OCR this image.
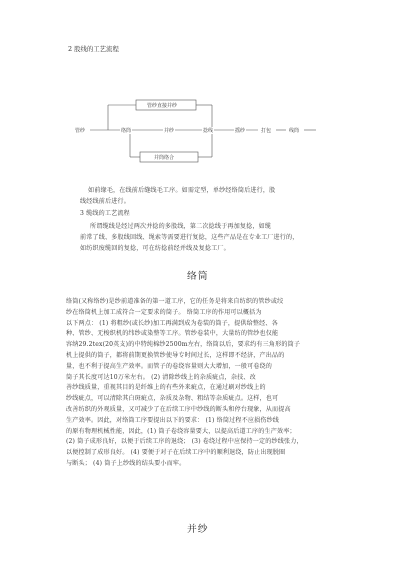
2 股线的工艺流程
管纱直接并纱
并筒络合
管纱	络筒	并纱	捻线	摇纱	打包	线筒
如前缘毛，在线前后缝线毛工序。如需定型，单纱经络筒后进行，股
线经线前后进行。
3 缆线的工艺流程
所谓缆线是经过两次并捻的多股线，第二次捻线于再加复捻，如缆
前常了线、多股线回线、绳索等需要进行复捻，这些产品是在专业工厂进行的，
如纺织废缆回的复捻，可在纺捻前经并线及复捻工厂。
络筒
络筒(又称络纱)是纱前道准备的第一道工序，它的任务是将来自纺织的管纱或绞
纱在络筒机上加工成符合一定要求的筒子。 络筒工序的作用可以概括为
以下两点： (1) 将粗纱(或长纱)加工再满到成为卷装的筒子，提供给整经、各
种、管纱、无梭织机的纬纱或染整等工序。管纱卷装中，大量纺的管纱也仅能
容纳29.2tex(20英支)的中特纯棉纱2500m左右，络筒以后，要求约有三角形的筒子
机上提供的筒子，都将前期更换管纱使导专时间过长，这样即不经济，产出品的
量，也不利于提高生产效率。而管子的卷绕容量则大大增加，一般可卷绕的
筒子其长度可达10万米左右。 (2) 清除纱线上的杂质疵点，杂技、改
善纱线质量，重视其目的是纤维上的有些外来疵点，在通过刷对纱线上的
纱线疵点，可以清除其白斑疵点，杂质及杂物、粗结等杂质疵点。这样，也可
改善纺织的外观质量，又可减少了在后续工序中纱线的断头和停台现象，从而提高
生产效率。因此，对络筒工序要提出以下的要求： (1) 络筒过程不应损伤纱线
的原有物理机械性能，因此，(1) 筒子卷绕容量要大，以提高后道工序的生产效率；
(2) 筒子成形良好，以便于后续工序的退绕； (3) 卷绕过程中应保持一定的纱线张力，
以便控制了成形良好。 (4) 要便于对子在后续工序中的顺利退绕，防止出现脱圈
与断头； (4) 筒子上纱线的结头要小而牢。
并纱
